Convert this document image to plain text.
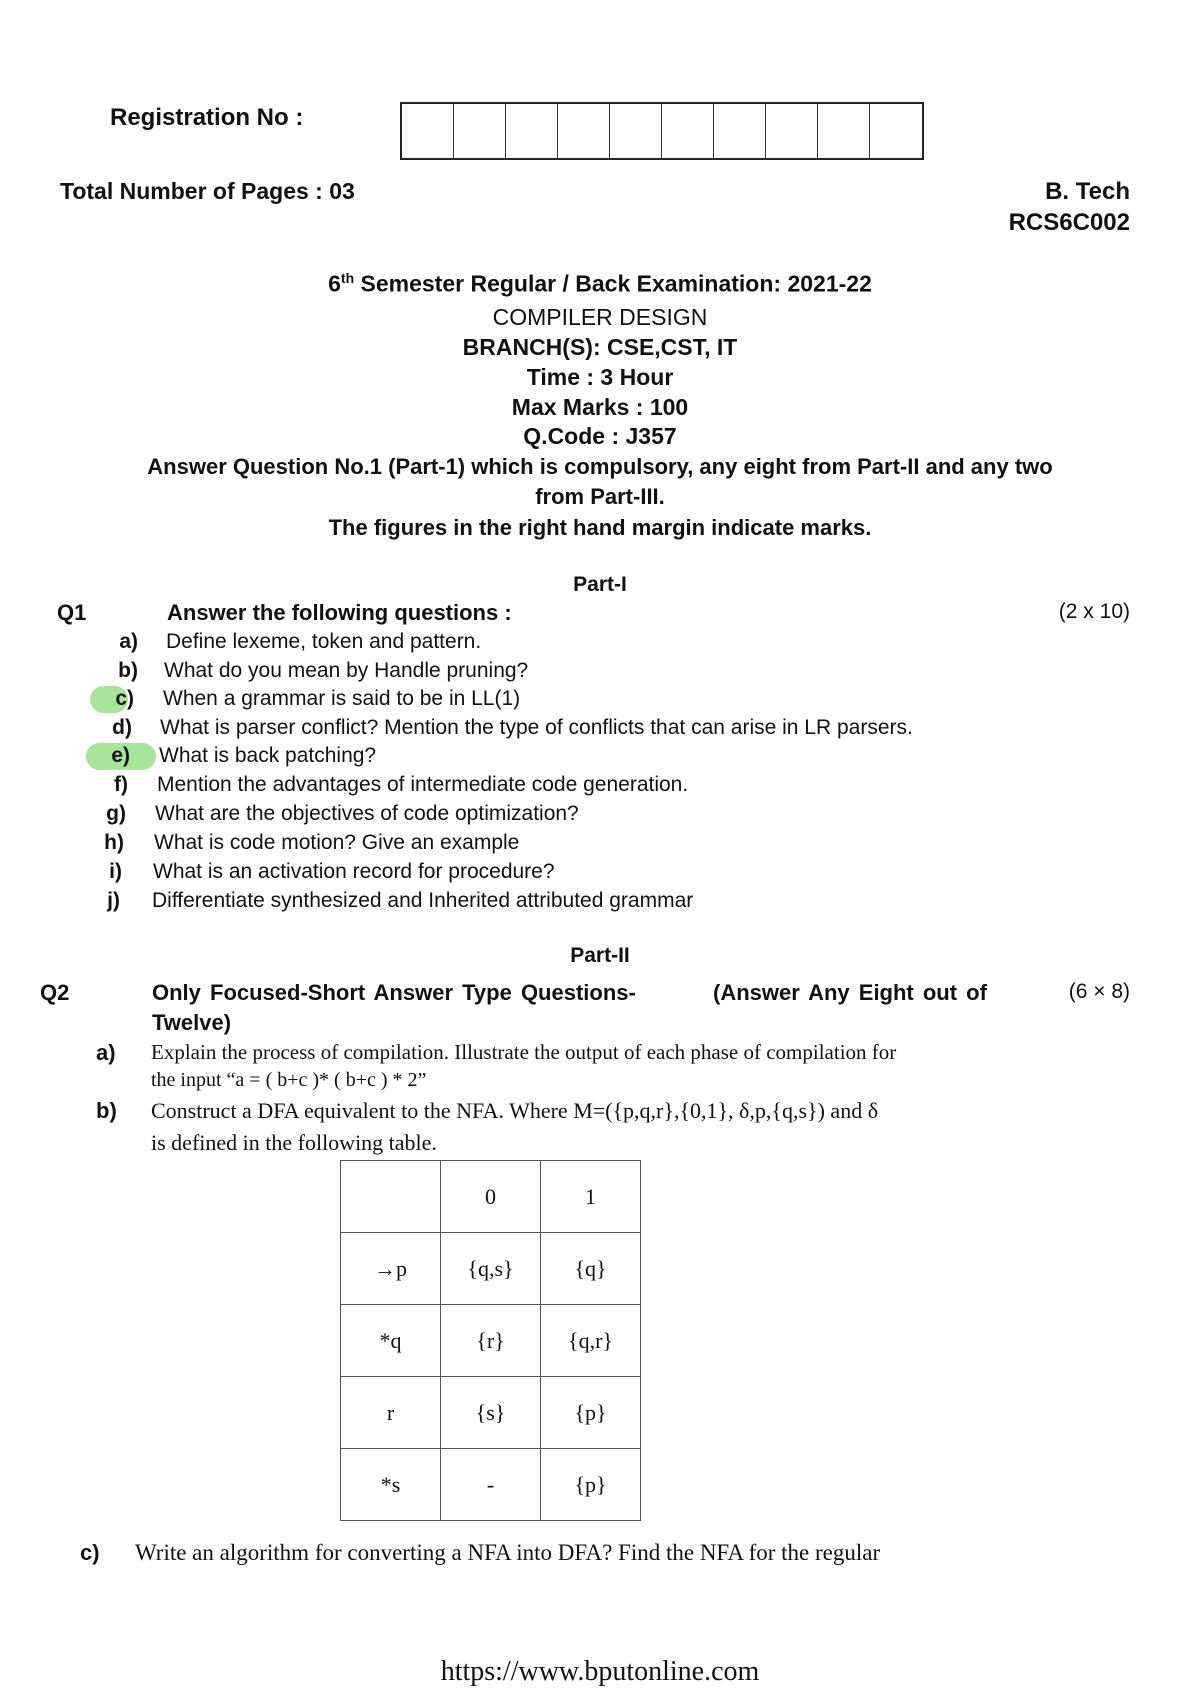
Registration No :
Total Number of Pages : 03	B. Tech
RCS6C002
6th Semester Regular / Back Examination: 2021-22
COMPILER DESIGN
BRANCH(S): CSE,CST, IT
Time : 3 Hour
Max Marks : 100
Q.Code : J357
Answer Question No.1 (Part-1) which is compulsory, any eight from Part-II and any two
from Part-III.
The figures in the right hand margin indicate marks.
Part-I
Q1	Answer the following questions :	(2 x 10)
a) Define lexeme, token and pattern.
b) What do you mean by Handle pruning?
c) When a grammar is said to be in LL(1)
d) What is parser conflict? Mention the type of conflicts that can arise in LR parsers.
e) What is back patching?
f) Mention the advantages of intermediate code generation.
g) What are the objectives of code optimization?
h) What is code motion? Give an example
i) What is an activation record for procedure?
j) Differentiate synthesized and Inherited attributed grammar
Part-II
Q2	Only Focused-Short Answer Type Questions-	(Answer Any Eight out of	(6 × 8)
Twelve)
a) Explain the process of compilation. Illustrate the output of each phase of compilation for
the input “a = ( b+c )* ( b+c ) * 2”
b) Construct a DFA equivalent to the NFA. Where M=({p,q,r},{0,1}, δ,p,{q,s}) and δ
is defined in the following table.
	0	1
→p	{q,s}	{q}
*q	{r}	{q,r}
r	{s}	{p}
*s	-	{p}
c) Write an algorithm for converting a NFA into DFA? Find the NFA for the regular
https://www.bputonline.com
